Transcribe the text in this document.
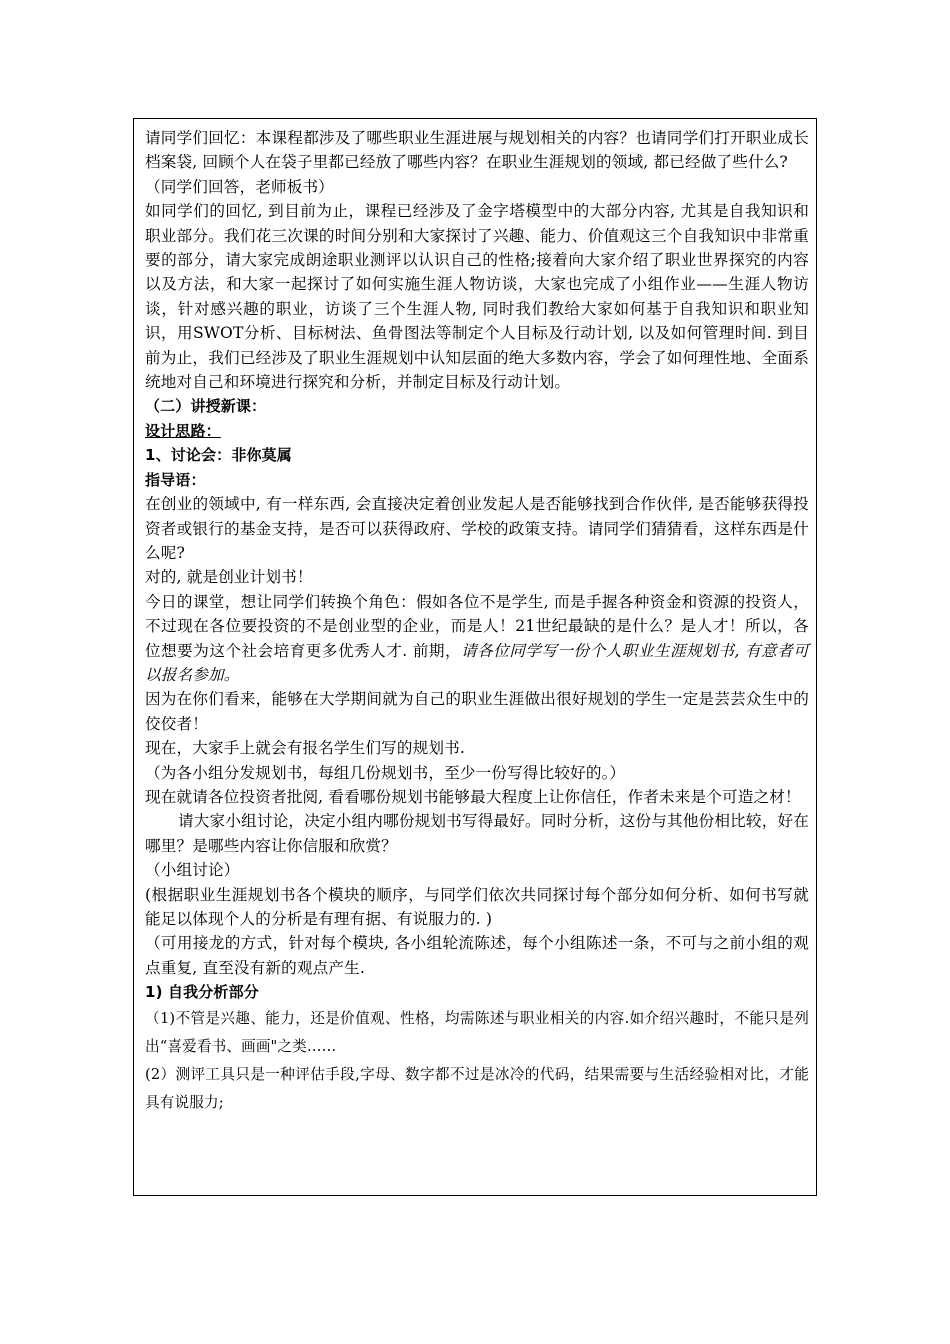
请同学们回忆：本课程都涉及了哪些职业生涯进展与规划相关的内容？也请同学们打开职业成长档案袋, 回顾个人在袋子里都已经放了哪些内容？在职业生涯规划的领域, 都已经做了些什么?

（同学们回答，老师板书）

如同学们的回忆, 到目前为止，课程已经涉及了金字塔模型中的大部分内容, 尤其是自我知识和职业部分。我们花三次课的时间分别和大家探讨了兴趣、能力、价值观这三个自我知识中非常重要的部分，请大家完成朗途职业测评以认识自己的性格;接着向大家介绍了职业世界探究的内容以及方法，和大家一起探讨了如何实施生涯人物访谈，大家也完成了小组作业——生涯人物访谈，针对感兴趣的职业，访谈了三个生涯人物, 同时我们教给大家如何基于自我知识和职业知识，用SWOT分析、目标树法、鱼骨图法等制定个人目标及行动计划, 以及如何管理时间. 到目前为止，我们已经涉及了职业生涯规划中认知层面的绝大多数内容，学会了如何理性地、全面系统地对自己和环境进行探究和分析，并制定目标及行动计划。

（二）讲授新课：

设计思路：

1、讨论会：非你莫属

指导语：

在创业的领域中, 有一样东西, 会直接决定着创业发起人是否能够找到合作伙伴, 是否能够获得投资者或银行的基金支持，是否可以获得政府、学校的政策支持。请同学们猜猜看，这样东西是什么呢?

对的, 就是创业计划书！

今日的课堂，想让同学们转换个角色：假如各位不是学生, 而是手握各种资金和资源的投资人，不过现在各位要投资的不是创业型的企业，而是人！21世纪最缺的是什么？是人才！所以，各位想要为这个社会培育更多优秀人才. 前期，请各位同学写一份个人职业生涯规划书, 有意者可以报名参加。

因为在你们看来，能够在大学期间就为自己的职业生涯做出很好规划的学生一定是芸芸众生中的佼佼者！

现在，大家手上就会有报名学生们写的规划书.

（为各小组分发规划书，每组几份规划书，至少一份写得比较好的。）

现在就请各位投资者批阅, 看看哪份规划书能够最大程度上让你信任，作者未来是个可造之材！

请大家小组讨论，决定小组内哪份规划书写得最好。同时分析，这份与其他份相比较，好在哪里？是哪些内容让你信服和欣赏？

（小组讨论）

(根据职业生涯规划书各个模块的顺序，与同学们依次共同探讨每个部分如何分析、如何书写就能足以体现个人的分析是有理有据、有说服力的. )

（可用接龙的方式，针对每个模块, 各小组轮流陈述，每个小组陈述一条，不可与之前小组的观点重复, 直至没有新的观点产生.

1) 自我分析部分

（1)不管是兴趣、能力，还是价值观、性格，均需陈述与职业相关的内容.如介绍兴趣时，不能只是列出“喜爱看书、画画"之类……

(2）测评工具只是一种评估手段,字母、数字都不过是冰冷的代码，结果需要与生活经验相对比，才能具有说服力;
